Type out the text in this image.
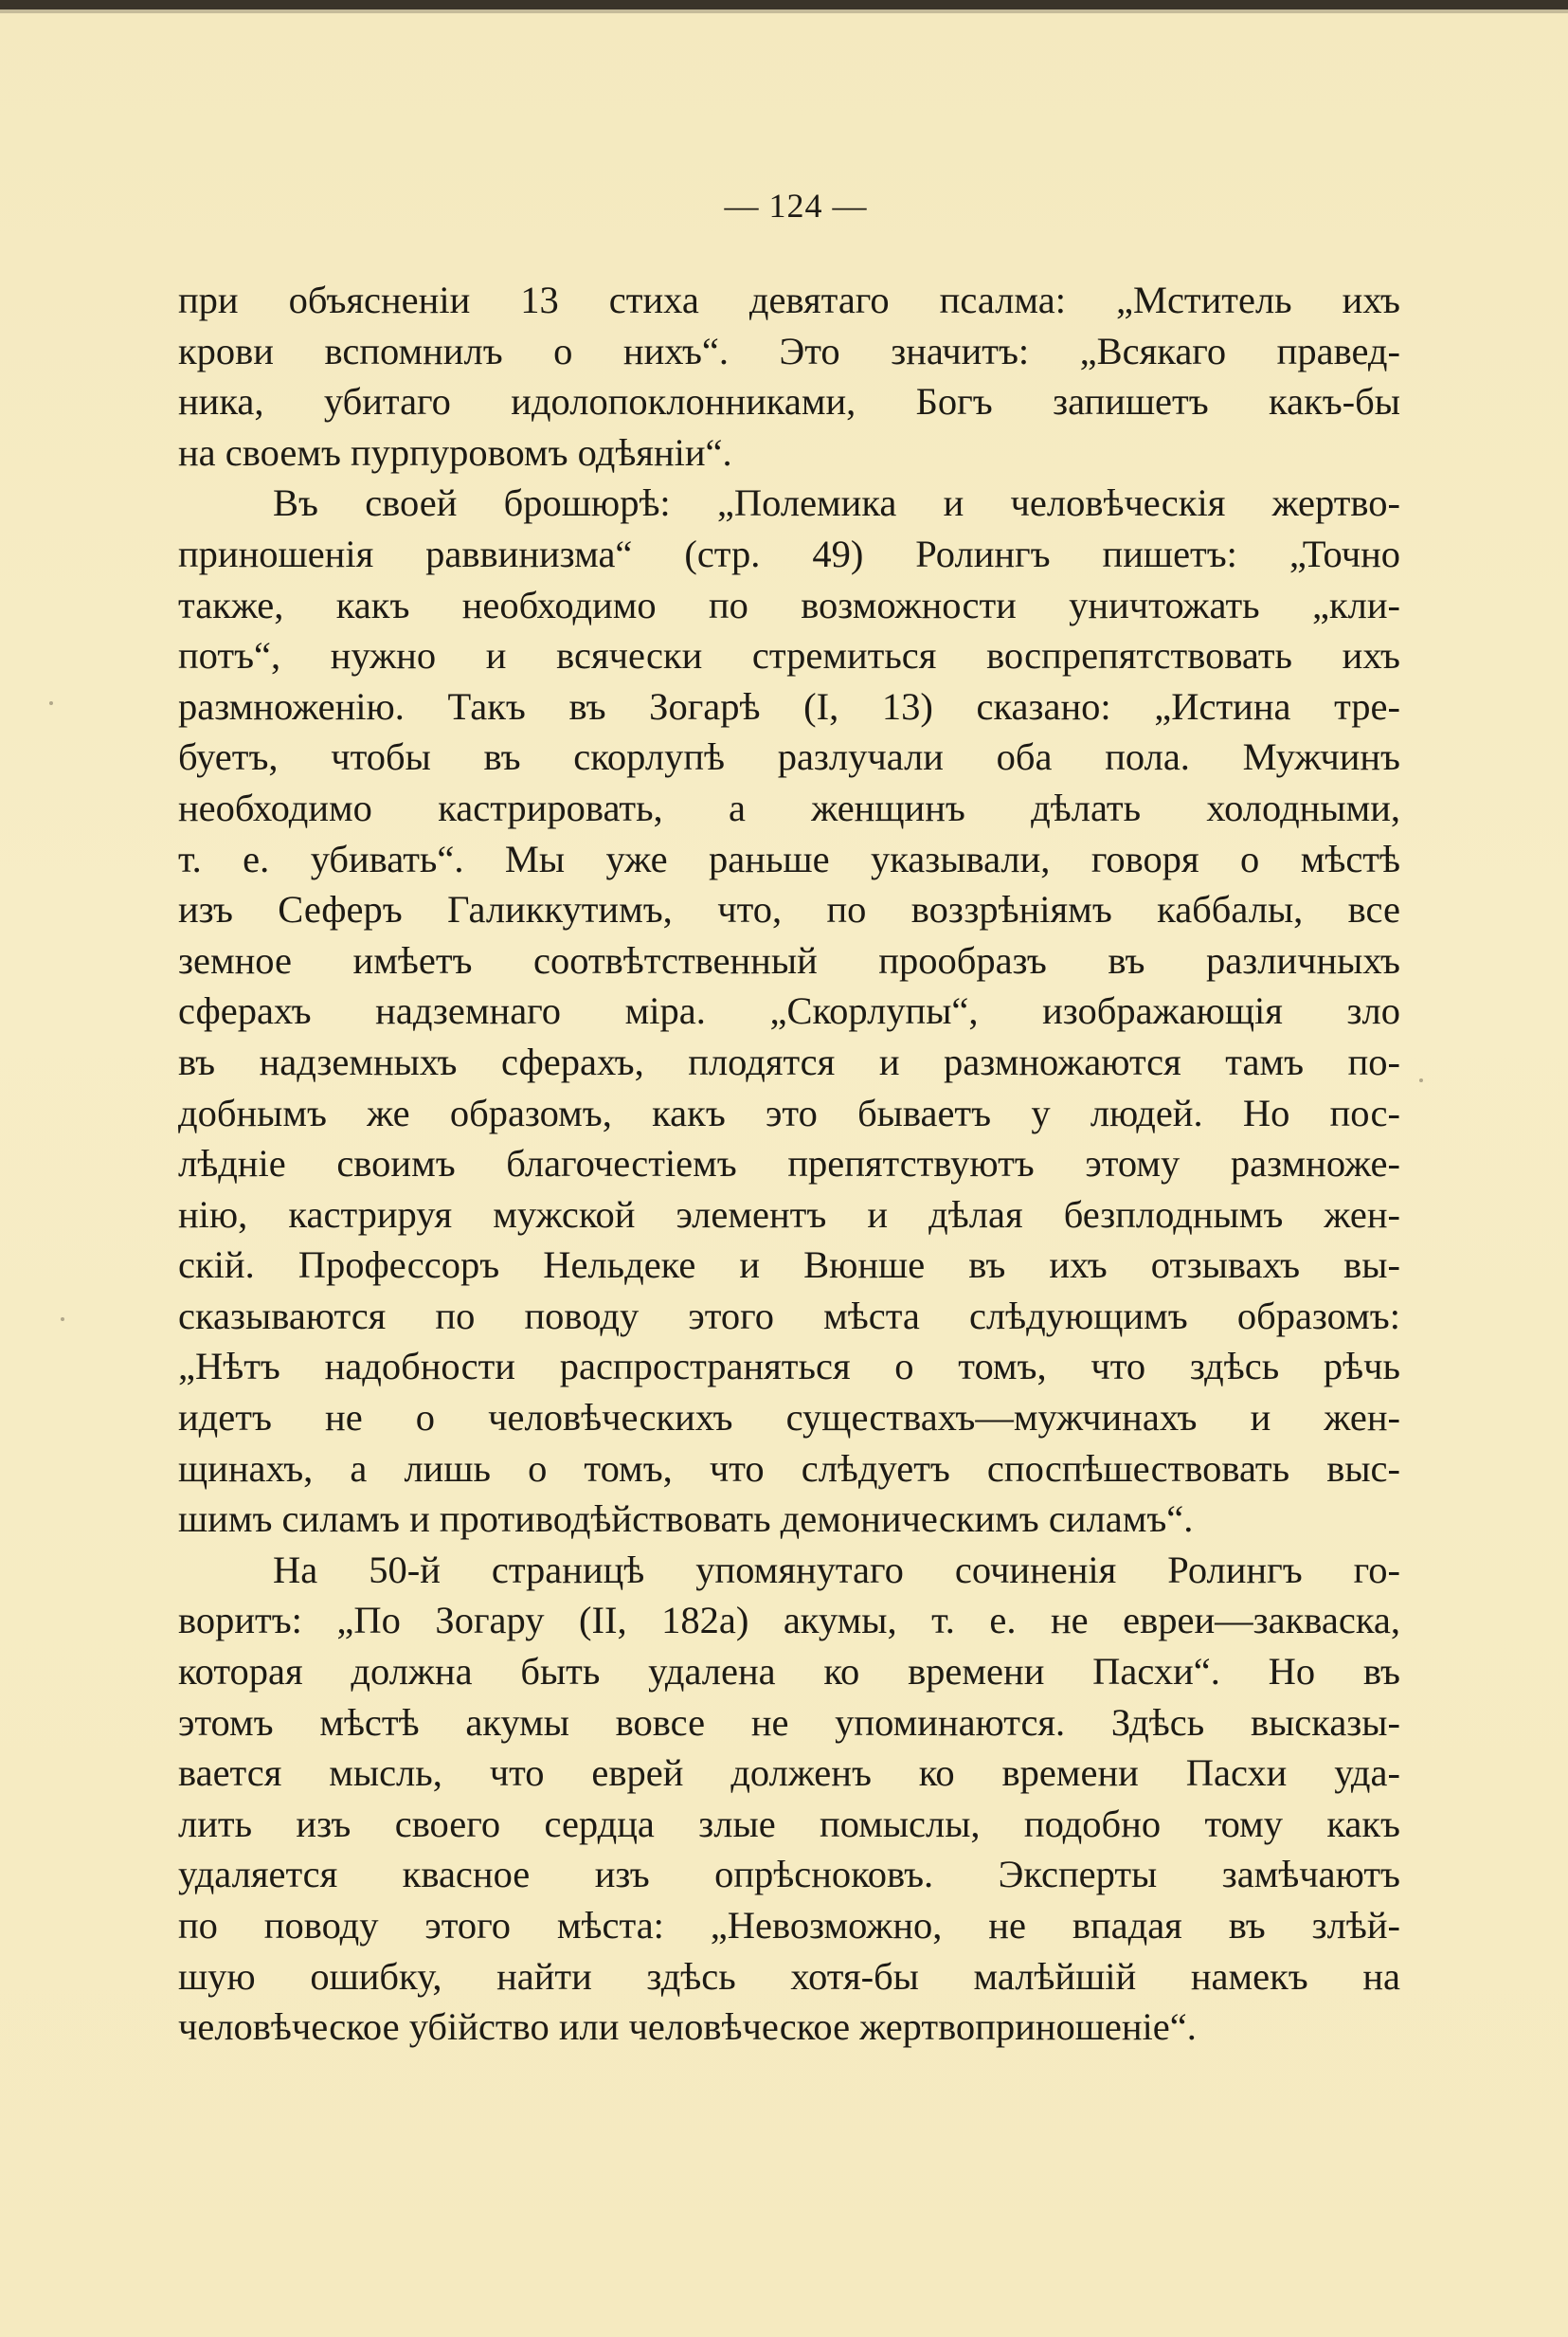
— 124 —
при объясненіи 13 стиха девятаго псалма: „Мститель ихъ
крови вспомнилъ о нихъ“. Это значитъ: „Всякаго правед-
ника, убитаго идолопоклонниками, Богъ запишетъ какъ-бы
на своемъ пурпуровомъ одѣяніи“.
Въ своей брошюрѣ: „Полемика и человѣческія жертво-
приношенія раввинизма“ (стр. 49) Ролингъ пишетъ: „Точно
также, какъ необходимо по возможности уничтожать „кли-
потъ“, нужно и всячески стремиться воспрепятствовать ихъ
размноженію. Такъ въ Зогарѣ (I, 13) сказано: „Истина тре-
буетъ, чтобы въ скорлупѣ разлучали оба пола. Мужчинъ
необходимо кастрировать, а женщинъ дѣлать холодными,
т. е. убивать“. Мы уже раньше указывали, говоря о мѣстѣ
изъ Сеферъ Галиккутимъ, что, по воззрѣніямъ каббалы, все
земное имѣетъ соотвѣтственный прообразъ въ различныхъ
сферахъ надземнаго міра. „Скорлупы“, изображающія зло
въ надземныхъ сферахъ, плодятся и размножаются тамъ по-
добнымъ же образомъ, какъ это бываетъ у людей. Но пос-
лѣдніе своимъ благочестіемъ препятствуютъ этому размноже-
нію, кастрируя мужской элементъ и дѣлая безплоднымъ жен-
скій. Профессоръ Нельдеке и Вюнше въ ихъ отзывахъ вы-
сказываются по поводу этого мѣста слѣдующимъ образомъ:
„Нѣтъ надобности распространяться о томъ, что здѣсь рѣчь
идетъ не о человѣческихъ существахъ—мужчинахъ и жен-
щинахъ, а лишь о томъ, что слѣдуетъ споспѣшествовать выс-
шимъ силамъ и противодѣйствовать демоническимъ силамъ“.
На 50-й страницѣ упомянутаго сочиненія Ролингъ го-
воритъ: „По Зогару (II, 182а) акумы, т. е. не евреи—закваска,
которая должна быть удалена ко времени Пасхи“. Но въ
этомъ мѣстѣ акумы вовсе не упоминаются. Здѣсь высказы-
вается мысль, что еврей долженъ ко времени Пасхи уда-
лить изъ своего сердца злые помыслы, подобно тому какъ
удаляется квасное изъ опрѣсноковъ. Эксперты замѣчаютъ
по поводу этого мѣста: „Невозможно, не впадая въ злѣй-
шую ошибку, найти здѣсь хотя-бы малѣйшій намекъ на
человѣческое убійство или человѣческое жертвоприношеніе“.
